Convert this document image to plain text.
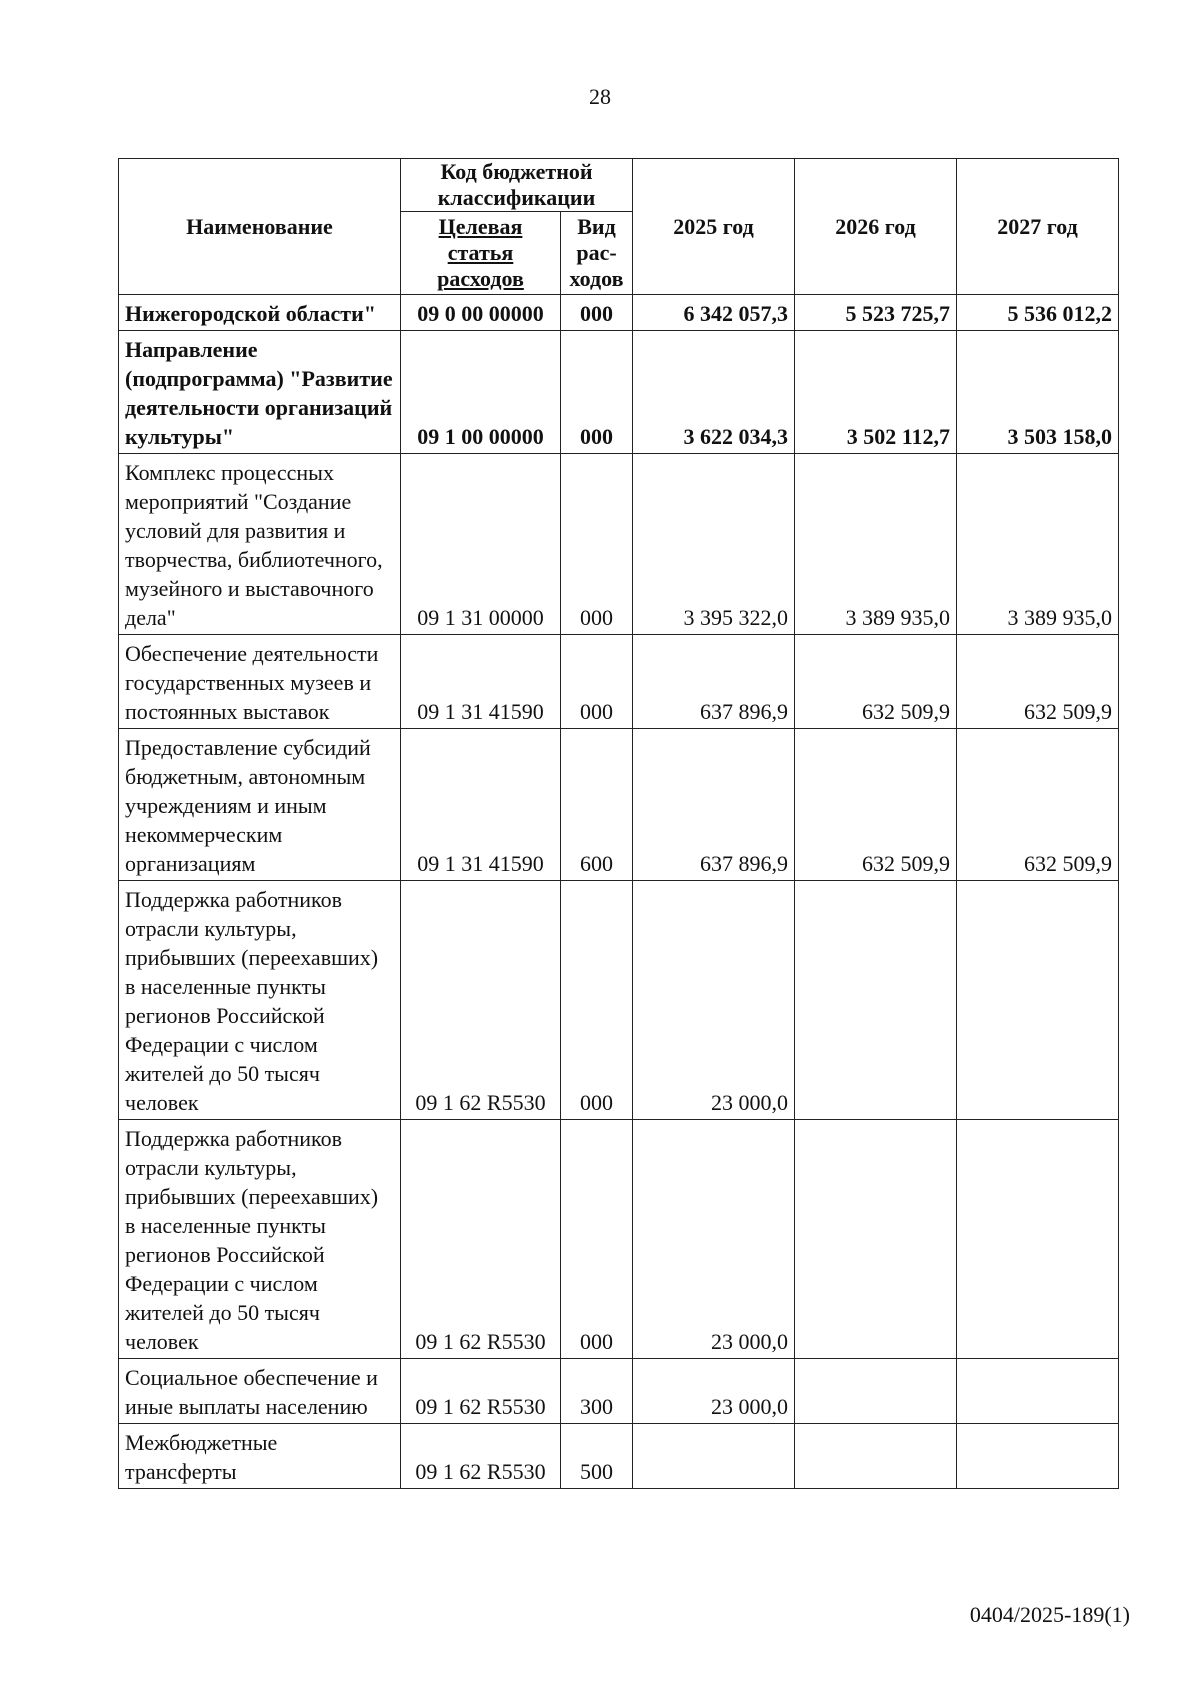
28
Наименование	Код бюджетной классификации		2025 год	2026 год	2027 год
	Целевая статья расходов	Вид рас-ходов			
Нижегородской области"	09 0 00 00000	000	6 342 057,3	5 523 725,7	5 536 012,2
Направление (подпрограмма) "Развитие деятельности организаций культуры"	09 1 00 00000	000	3 622 034,3	3 502 112,7	3 503 158,0
Комплекс процессных мероприятий "Создание условий для развития и творчества, библиотечного, музейного и выставочного дела"	09 1 31 00000	000	3 395 322,0	3 389 935,0	3 389 935,0
Обеспечение деятельности государственных музеев и постоянных выставок	09 1 31 41590	000	637 896,9	632 509,9	632 509,9
Предоставление субсидий бюджетным, автономным учреждениям и иным некоммерческим организациям	09 1 31 41590	600	637 896,9	632 509,9	632 509,9
Поддержка работников отрасли культуры, прибывших (переехавших) в населенные пункты регионов Российской Федерации с числом жителей до 50 тысяч человек	09 1 62 R5530	000	23 000,0		
Поддержка работников отрасли культуры, прибывших (переехавших) в населенные пункты регионов Российской Федерации с числом жителей до 50 тысяч человек	09 1 62 R5530	000	23 000,0		
Социальное обеспечение и иные выплаты населению	09 1 62 R5530	300	23 000,0		
Межбюджетные трансферты	09 1 62 R5530	500			
0404/2025-189(1)
